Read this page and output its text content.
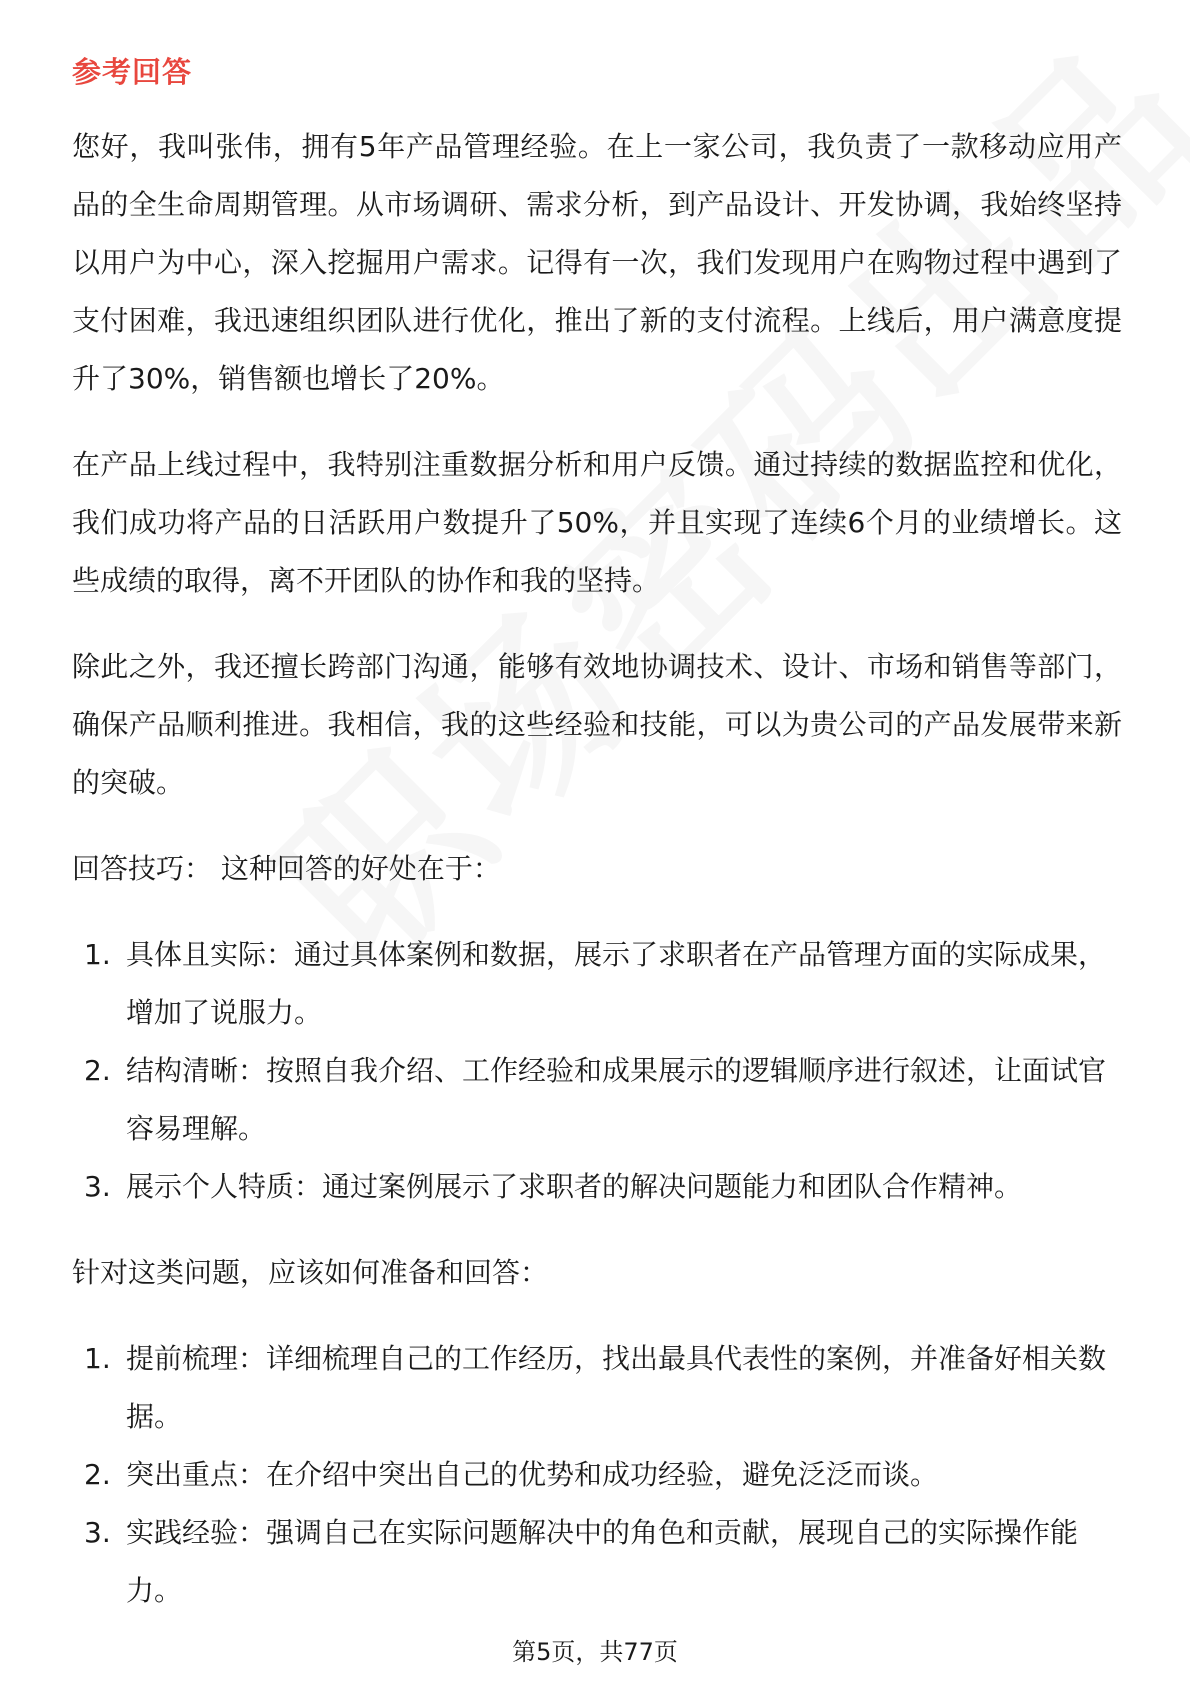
参考回答

您好，我叫张伟，拥有5年产品管理经验。在上一家公司，我负责了一款移动应用产品的全生命周期管理。从市场调研、需求分析，到产品设计、开发协调，我始终坚持以用户为中心，深入挖掘用户需求。记得有一次，我们发现用户在购物过程中遇到了支付困难，我迅速组织团队进行优化，推出了新的支付流程。上线后，用户满意度提升了30%，销售额也增长了20%。

在产品上线过程中，我特别注重数据分析和用户反馈。通过持续的数据监控和优化，我们成功将产品的日活跃用户数提升了50%，并且实现了连续6个月的业绩增长。这些成绩的取得，离不开团队的协作和我的坚持。

除此之外，我还擅长跨部门沟通，能够有效地协调技术、设计、市场和销售等部门，确保产品顺利推进。我相信，我的这些经验和技能，可以为贵公司的产品发展带来新的突破。

回答技巧： 这种回答的好处在于：

1. 具体且实际：通过具体案例和数据，展示了求职者在产品管理方面的实际成果，增加了说服力。
2. 结构清晰：按照自我介绍、工作经验和成果展示的逻辑顺序进行叙述，让面试官容易理解。
3. 展示个人特质：通过案例展示了求职者的解决问题能力和团队合作精神。

针对这类问题，应该如何准备和回答：

1. 提前梳理：详细梳理自己的工作经历，找出最具代表性的案例，并准备好相关数据。
2. 突出重点：在介绍中突出自己的优势和成功经验，避免泛泛而谈。
3. 实践经验：强调自己在实际问题解决中的角色和贡献，展现自己的实际操作能力。
第5页，共77页
